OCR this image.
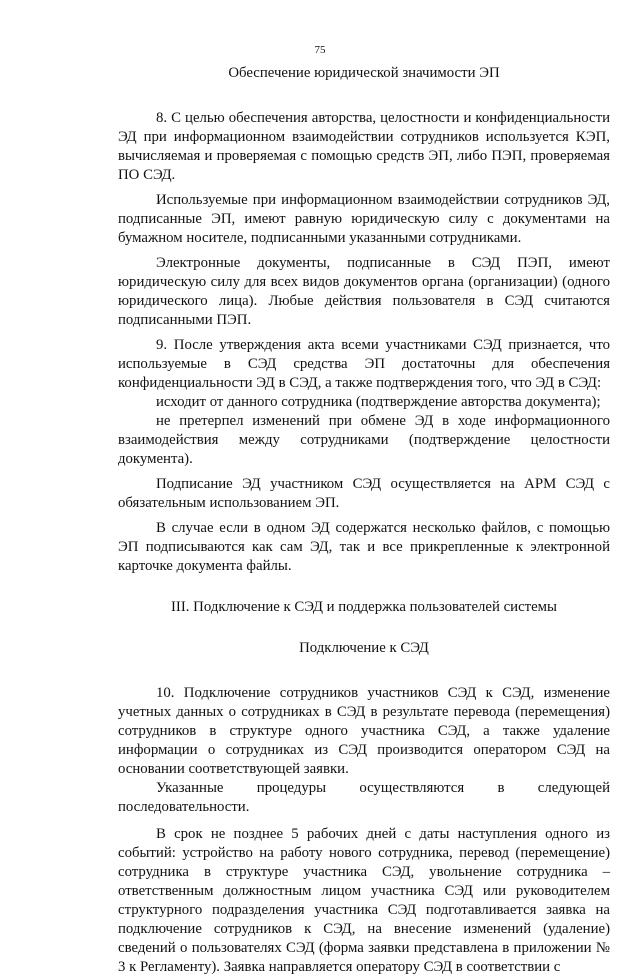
75

Обеспечение юридической значимости ЭП

8. С целью обеспечения авторства, целостности и конфиденциальности ЭД при информационном взаимодействии сотрудников используется КЭП, вычисляемая и проверяемая с помощью средств ЭП, либо ПЭП, проверяемая ПО СЭД.

Используемые при информационном взаимодействии сотрудников ЭД, подписанные ЭП, имеют равную юридическую силу с документами на бумажном носителе, подписанными указанными сотрудниками.

Электронные документы, подписанные в СЭД ПЭП, имеют юридическую силу для всех видов документов органа (организации) (одного юридического лица). Любые действия пользователя в СЭД считаются подписанными ПЭП.

9. После утверждения акта всеми участниками СЭД признается, что используемые в СЭД средства ЭП достаточны для обеспечения конфиденциальности ЭД в СЭД, а также подтверждения того, что ЭД в СЭД:

исходит от данного сотрудника (подтверждение авторства документа);

не претерпел изменений при обмене ЭД в ходе информационного взаимодействия между сотрудниками (подтверждение целостности документа).

Подписание ЭД участником СЭД осуществляется на АРМ СЭД с обязательным использованием ЭП.

В случае если в одном ЭД содержатся несколько файлов, с помощью ЭП подписываются как сам ЭД, так и все прикрепленные к электронной карточке документа файлы.

III. Подключение к СЭД и поддержка пользователей системы

Подключение к СЭД

10. Подключение сотрудников участников СЭД к СЭД, изменение учетных данных о сотрудниках в СЭД в результате перевода (перемещения) сотрудников в структуре одного участника СЭД, а также удаление информации о сотрудниках из СЭД производится оператором СЭД на основании соответствующей заявки.

Указанные процедуры осуществляются в следующей последовательности.

В срок не позднее 5 рабочих дней с даты наступления одного из событий: устройство на работу нового сотрудника, перевод (перемещение) сотрудника в структуре участника СЭД, увольнение сотрудника – ответственным должностным лицом участника СЭД или руководителем структурного подразделения участника СЭД подготавливается заявка на подключение сотрудников к СЭД, на внесение изменений (удаление) сведений о пользователях СЭД (форма заявки представлена в приложении № 3 к Регламенту). Заявка направляется оператору СЭД в соответствии с
